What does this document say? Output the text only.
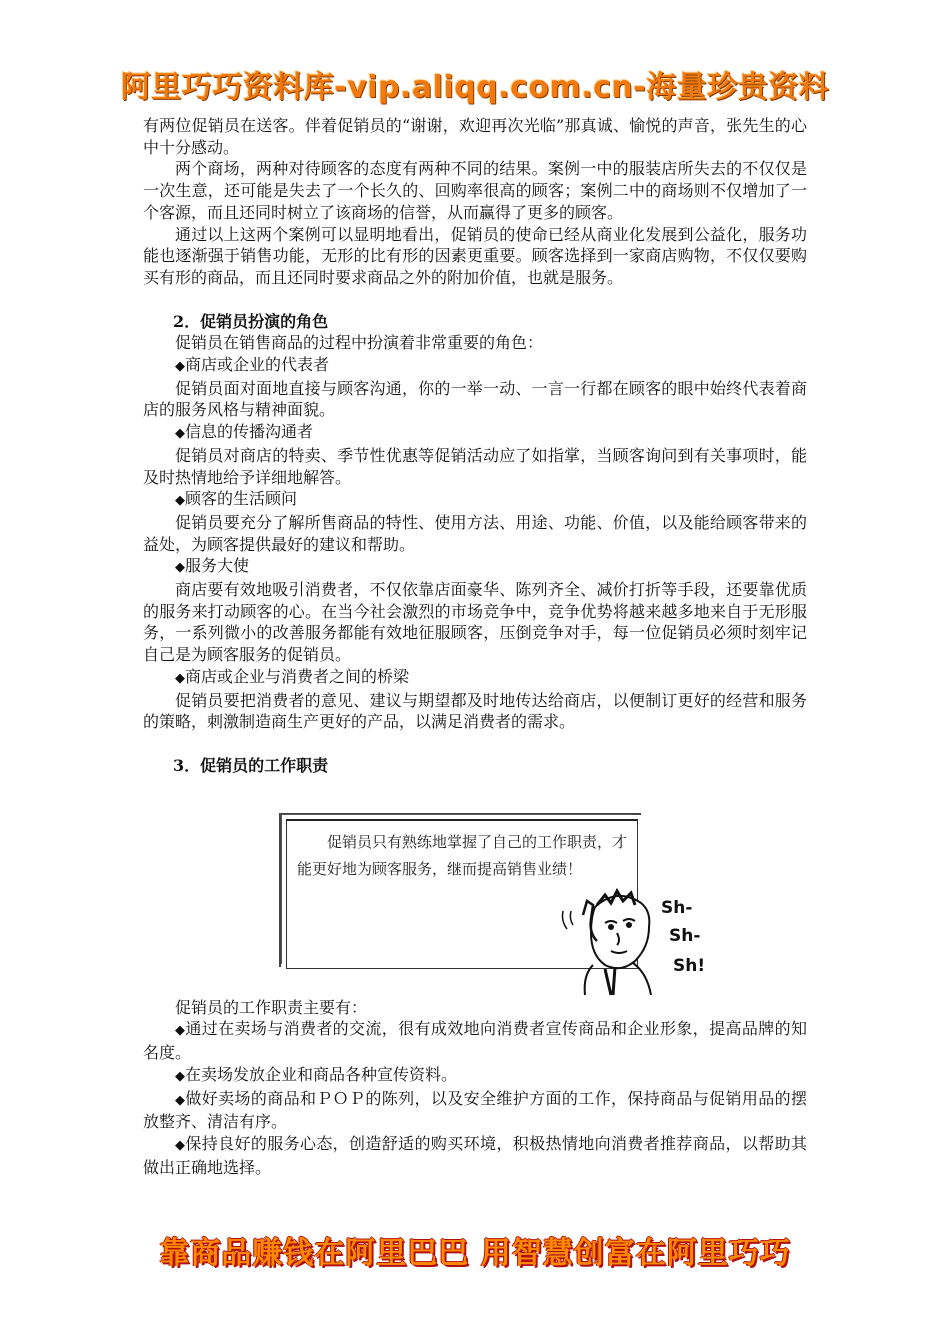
阿里巧巧资料库-vip.aliqq.com.cn-海量珍贵资料

有两位促销员在送客。伴着促销员的“谢谢，欢迎再次光临”那真诚、愉悦的声音，张先生的心中十分感动。

两个商场，两种对待顾客的态度有两种不同的结果。案例一中的服装店所失去的不仅仅是一次生意，还可能是失去了一个长久的、回购率很高的顾客；案例二中的商场则不仅增加了一个客源，而且还同时树立了该商场的信誉，从而赢得了更多的顾客。

通过以上这两个案例可以显明地看出，促销员的使命已经从商业化发展到公益化，服务功能也逐渐强于销售功能，无形的比有形的因素更重要。顾客选择到一家商店购物，不仅仅要购买有形的商品，而且还同时要求商品之外的附加价值，也就是服务。

2．促销员扮演的角色

促销员在销售商品的过程中扮演着非常重要的角色：

◆商店或企业的代表者

促销员面对面地直接与顾客沟通，你的一举一动、一言一行都在顾客的眼中始终代表着商店的服务风格与精神面貌。

◆信息的传播沟通者

促销员对商店的特卖、季节性优惠等促销活动应了如指掌，当顾客询问到有关事项时，能及时热情地给予详细地解答。

◆顾客的生活顾问

促销员要充分了解所售商品的特性、使用方法、用途、功能、价值，以及能给顾客带来的益处，为顾客提供最好的建议和帮助。

◆服务大使

商店要有效地吸引消费者，不仅依靠店面豪华、陈列齐全、减价打折等手段，还要靠优质的服务来打动顾客的心。在当今社会激烈的市场竞争中，竞争优势将越来越多地来自于无形服务，一系列微小的改善服务都能有效地征服顾客，压倒竞争对手，每一位促销员必须时刻牢记自己是为顾客服务的促销员。

◆商店或企业与消费者之间的桥梁

促销员要把消费者的意见、建议与期望都及时地传达给商店，以便制订更好的经营和服务的策略，刺激制造商生产更好的产品，以满足消费者的需求。

3．促销员的工作职责

促销员只有熟练地掌握了自己的工作职责，才能更好地为顾客服务，继而提高销售业绩！
Sh-
Sh-
Sh!

促销员的工作职责主要有：

◆通过在卖场与消费者的交流，很有成效地向消费者宣传商品和企业形象，提高品牌的知名度。

◆在卖场发放企业和商品各种宣传资料。

◆做好卖场的商品和ＰＯＰ的陈列，以及安全维护方面的工作，保持商品与促销用品的摆放整齐、清洁有序。

◆保持良好的服务心态，创造舒适的购买环境，积极热情地向消费者推荐商品，以帮助其做出正确地选择。

靠商品赚钱在阿里巴巴 用智慧创富在阿里巧巧
